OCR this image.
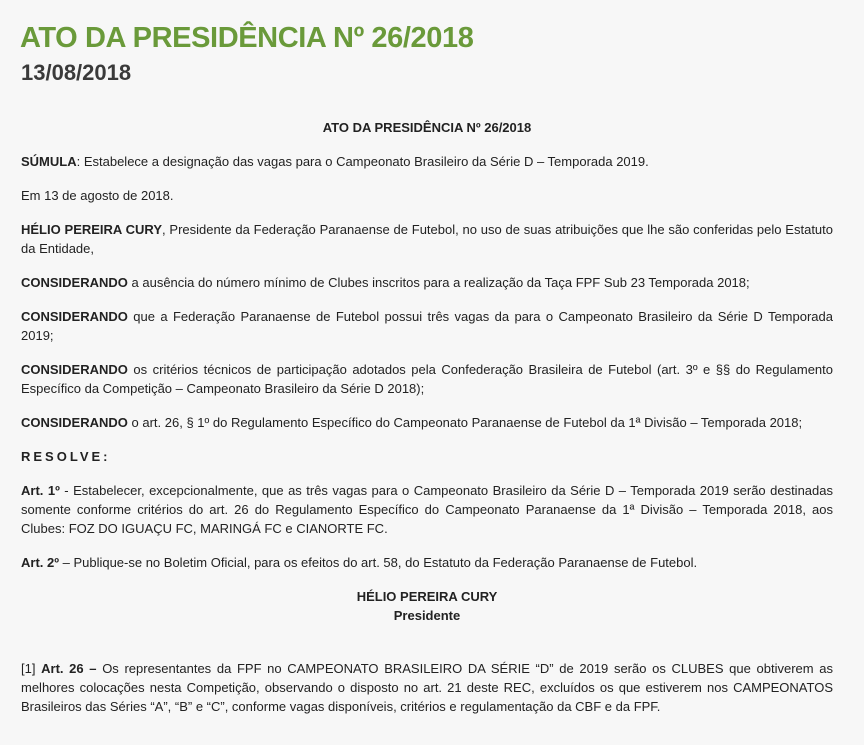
ATO DA PRESIDÊNCIA Nº 26/2018
13/08/2018

ATO DA PRESIDÊNCIA Nº 26/2018

SÚMULA: Estabelece a designação das vagas para o Campeonato Brasileiro da Série D – Temporada 2019.

Em 13 de agosto de 2018.

HÉLIO PEREIRA CURY, Presidente da Federação Paranaense de Futebol, no uso de suas atribuições que lhe são conferidas pelo Estatuto da Entidade,

CONSIDERANDO a ausência do número mínimo de Clubes inscritos para a realização da Taça FPF Sub 23 Temporada 2018;

CONSIDERANDO que a Federação Paranaense de Futebol possui três vagas da para o Campeonato Brasileiro da Série D Temporada 2019;

CONSIDERANDO os critérios técnicos de participação adotados pela Confederação Brasileira de Futebol (art. 3º e §§ do Regulamento Específico da Competição – Campeonato Brasileiro da Série D 2018);

CONSIDERANDO o art. 26, § 1º do Regulamento Específico do Campeonato Paranaense de Futebol da 1ª Divisão – Temporada 2018;

RESOLVE:

Art. 1º - Estabelecer, excepcionalmente, que as três vagas para o Campeonato Brasileiro da Série D – Temporada 2019 serão destinadas somente conforme critérios do art. 26 do Regulamento Específico do Campeonato Paranaense da 1ª Divisão – Temporada 2018, aos Clubes: FOZ DO IGUAÇU FC, MARINGÁ FC e CIANORTE FC.

Art. 2º – Publique-se no Boletim Oficial, para os efeitos do art. 58, do Estatuto da Federação Paranaense de Futebol.

HÉLIO PEREIRA CURY
Presidente

[1] Art. 26 – Os representantes da FPF no CAMPEONATO BRASILEIRO DA SÉRIE “D” de 2019 serão os CLUBES que obtiverem as melhores colocações nesta Competição, observando o disposto no art. 21 deste REC, excluídos os que estiverem nos CAMPEONATOS Brasileiros das Séries “A”, “B” e “C”, conforme vagas disponíveis, critérios e regulamentação da CBF e da FPF.
